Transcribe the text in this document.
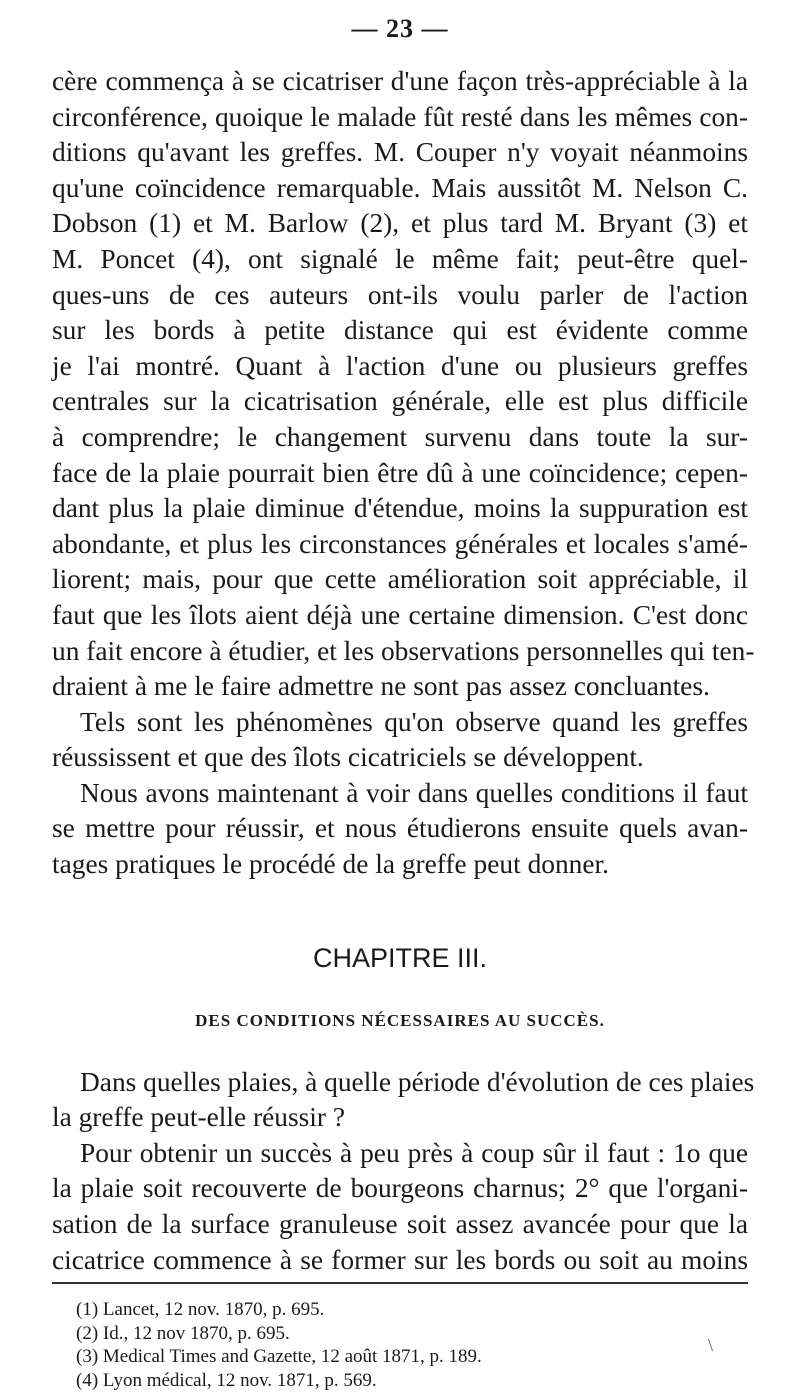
— 23 —
cère commença à se cicatriser d'une façon très-appréciable à la
circonférence, quoique le malade fût resté dans les mêmes con-
ditions qu'avant les greffes. M. Couper n'y voyait néanmoins
qu'une coïncidence remarquable. Mais aussitôt M. Nelson C.
Dobson (1) et M. Barlow (2), et plus tard M. Bryant (3) et
M. Poncet (4), ont signalé le même fait; peut-être quel-
ques-uns de ces auteurs ont-ils voulu parler de l'action
sur les bords à petite distance qui est évidente comme
je l'ai montré. Quant à l'action d'une ou plusieurs greffes
centrales sur la cicatrisation générale, elle est plus difficile
à comprendre; le changement survenu dans toute la sur-
face de la plaie pourrait bien être dû à une coïncidence; cepen-
dant plus la plaie diminue d'étendue, moins la suppuration est
abondante, et plus les circonstances générales et locales s'amé-
liorent; mais, pour que cette amélioration soit appréciable, il
faut que les îlots aient déjà une certaine dimension. C'est donc
un fait encore à étudier, et les observations personnelles qui ten-
draient à me le faire admettre ne sont pas assez concluantes.
Tels sont les phénomènes qu'on observe quand les greffes
réussissent et que des îlots cicatriciels se développent.
Nous avons maintenant à voir dans quelles conditions il faut
se mettre pour réussir, et nous étudierons ensuite quels avan-
tages pratiques le procédé de la greffe peut donner.
CHAPITRE III.
DES CONDITIONS NÉCESSAIRES AU SUCCÈS.
Dans quelles plaies, à quelle période d'évolution de ces plaies
la greffe peut-elle réussir ?
Pour obtenir un succès à peu près à coup sûr il faut : 1o que
la plaie soit recouverte de bourgeons charnus; 2° que l'organi-
sation de la surface granuleuse soit assez avancée pour que la
cicatrice commence à se former sur les bords ou soit au moins
(1) Lancet, 12 nov. 1870, p. 695.
(2) Id., 12 nov 1870, p. 695.
(3) Medical Times and Gazette, 12 août 1871, p. 189.
(4) Lyon médical, 12 nov. 1871, p. 569.
\
